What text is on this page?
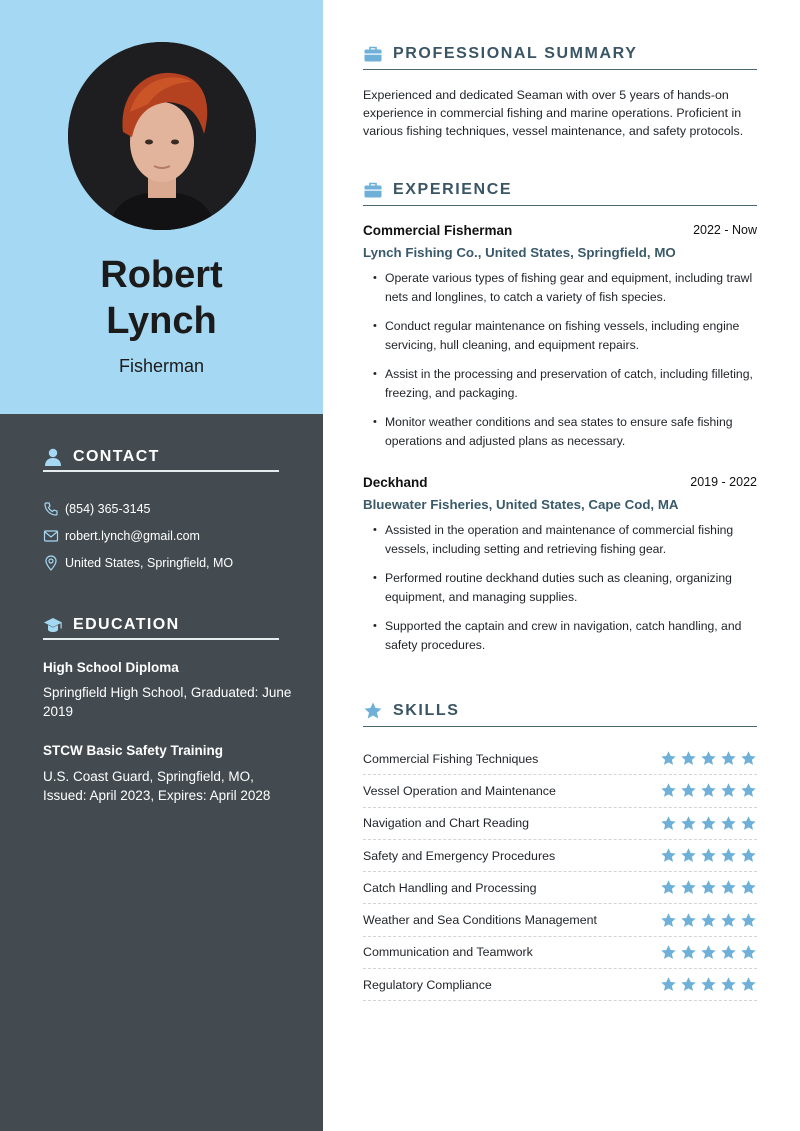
Robert
Lynch
Fisherman
CONTACT
(854) 365-3145
robert.lynch@gmail.com
United States, Springfield, MO
EDUCATION
High School Diploma
Springfield High School, Graduated: June 2019
STCW Basic Safety Training
U.S. Coast Guard, Springfield, MO, Issued: April 2023, Expires: April 2028
PROFESSIONAL SUMMARY
Experienced and dedicated Seaman with over 5 years of hands-on experience in commercial fishing and marine operations. Proficient in various fishing techniques, vessel maintenance, and safety protocols.
EXPERIENCE
Commercial Fisherman	2022 - Now
Lynch Fishing Co., United States, Springfield, MO
• Operate various types of fishing gear and equipment, including trawl nets and longlines, to catch a variety of fish species.
• Conduct regular maintenance on fishing vessels, including engine servicing, hull cleaning, and equipment repairs.
• Assist in the processing and preservation of catch, including filleting, freezing, and packaging.
• Monitor weather conditions and sea states to ensure safe fishing operations and adjusted plans as necessary.
Deckhand	2019 - 2022
Bluewater Fisheries, United States, Cape Cod, MA
• Assisted in the operation and maintenance of commercial fishing vessels, including setting and retrieving fishing gear.
• Performed routine deckhand duties such as cleaning, organizing equipment, and managing supplies.
• Supported the captain and crew in navigation, catch handling, and safety procedures.
SKILLS
Commercial Fishing Techniques
Vessel Operation and Maintenance
Navigation and Chart Reading
Safety and Emergency Procedures
Catch Handling and Processing
Weather and Sea Conditions Management
Communication and Teamwork
Regulatory Compliance
